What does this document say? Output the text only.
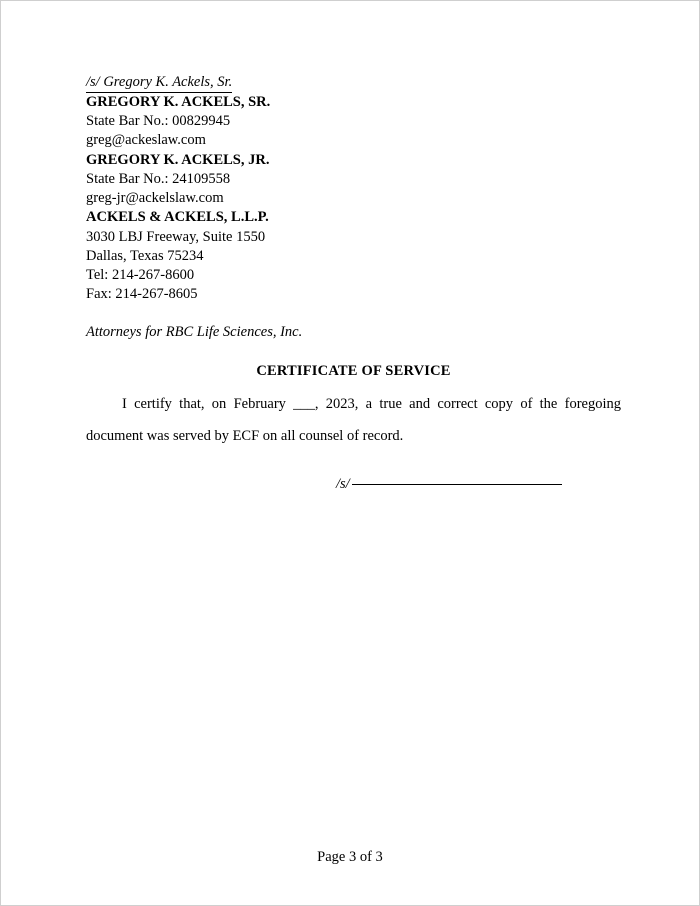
/s/ Gregory K. Ackels, Sr.
GREGORY K. ACKELS, SR.
State Bar No.: 00829945
greg@ackeslaw.com
GREGORY K. ACKELS, JR.
State Bar No.: 24109558
greg-jr@ackelslaw.com
ACKELS & ACKELS, L.L.P.
3030 LBJ Freeway, Suite 1550
Dallas, Texas 75234
Tel: 214-267-8600
Fax: 214-267-8605
Attorneys for RBC Life Sciences, Inc.
CERTIFICATE OF SERVICE
I certify that, on February ___, 2023, a true and correct copy of the foregoing document was served by ECF on all counsel of record.
/s/
Page 3 of 3
